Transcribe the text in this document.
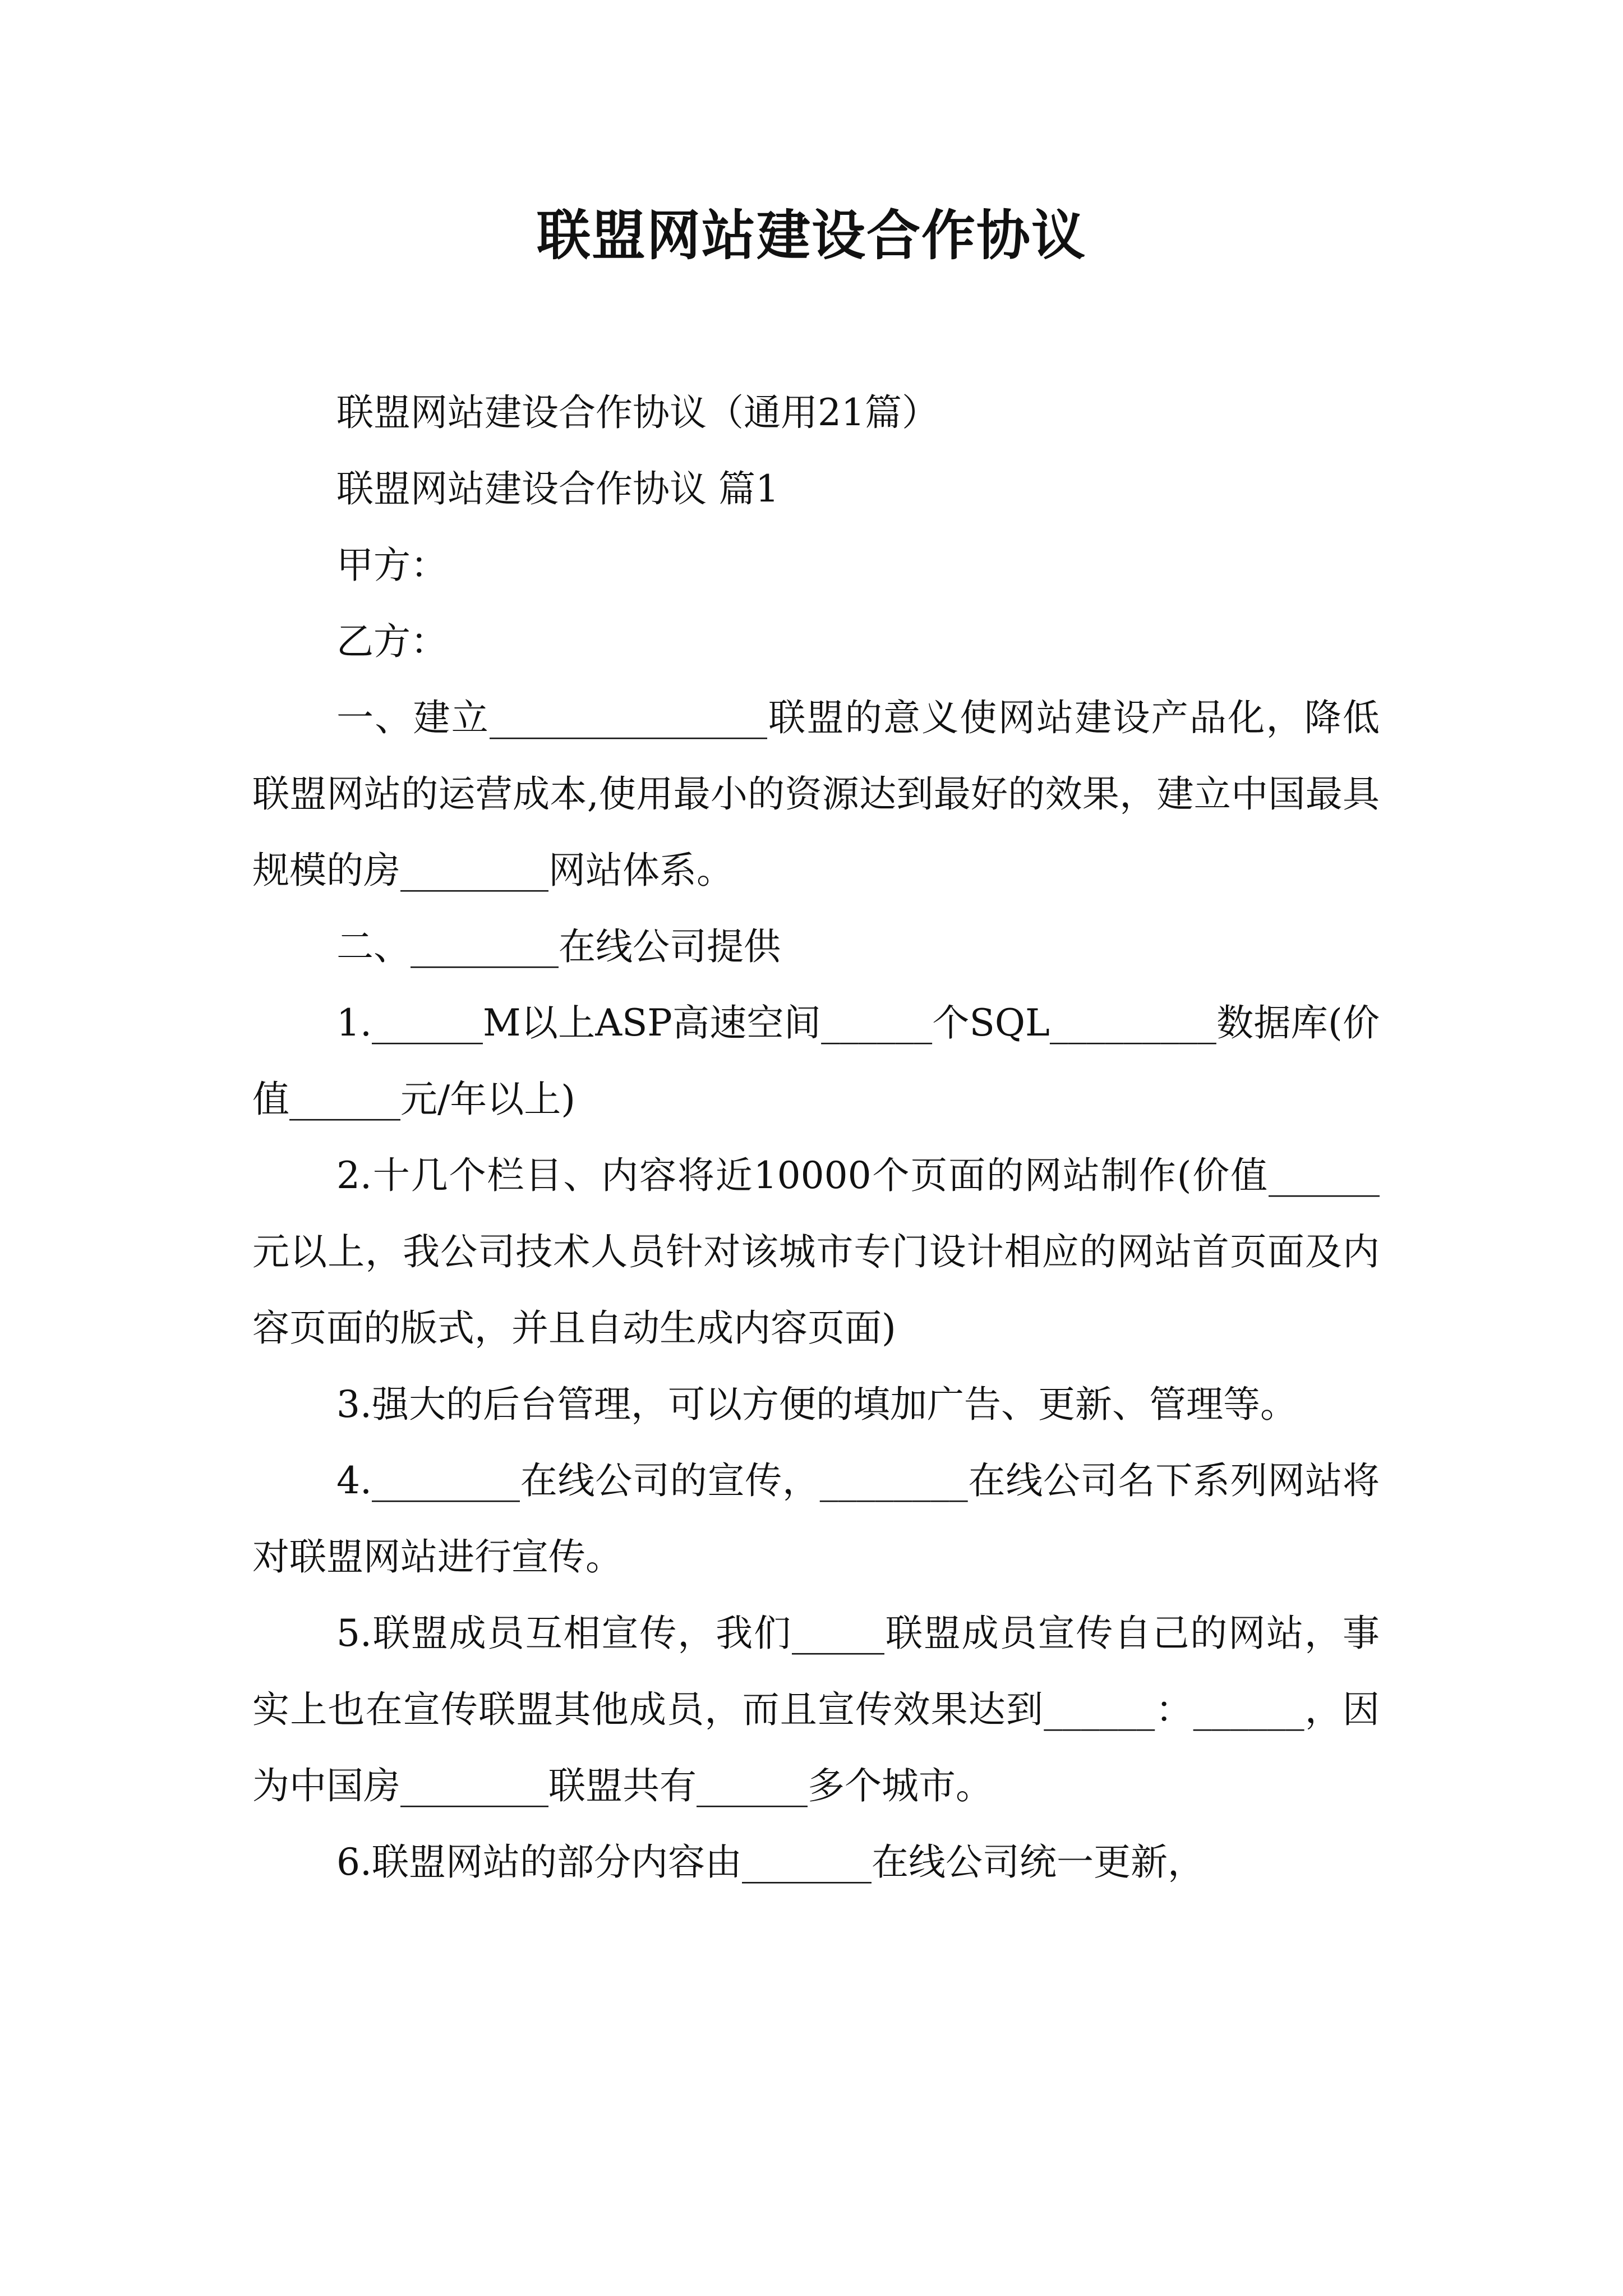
联盟网站建设合作协议

联盟网站建设合作协议（通用21篇）

联盟网站建设合作协议 篇1

甲方：

乙方：

一、建立_______________联盟的意义使网站建设产品化，降低联盟网站的运营成本,使用最小的资源达到最好的效果，建立中国最具规模的房________网站体系。

二、________在线公司提供

1.______M以上ASP高速空间______个SQL_________数据库(价值______元/年以上)

2.十几个栏目、内容将近10000个页面的网站制作(价值______元以上，我公司技术人员针对该城市专门设计相应的网站首页面及内容页面的版式，并且自动生成内容页面)

3.强大的后台管理，可以方便的填加广告、更新、管理等。

4.________在线公司的宣传，________在线公司名下系列网站将对联盟网站进行宣传。

5.联盟成员互相宣传，我们_____联盟成员宣传自己的网站，事实上也在宣传联盟其他成员，而且宣传效果达到______：______，因为中国房________联盟共有______多个城市。

6.联盟网站的部分内容由_______在线公司统一更新，
